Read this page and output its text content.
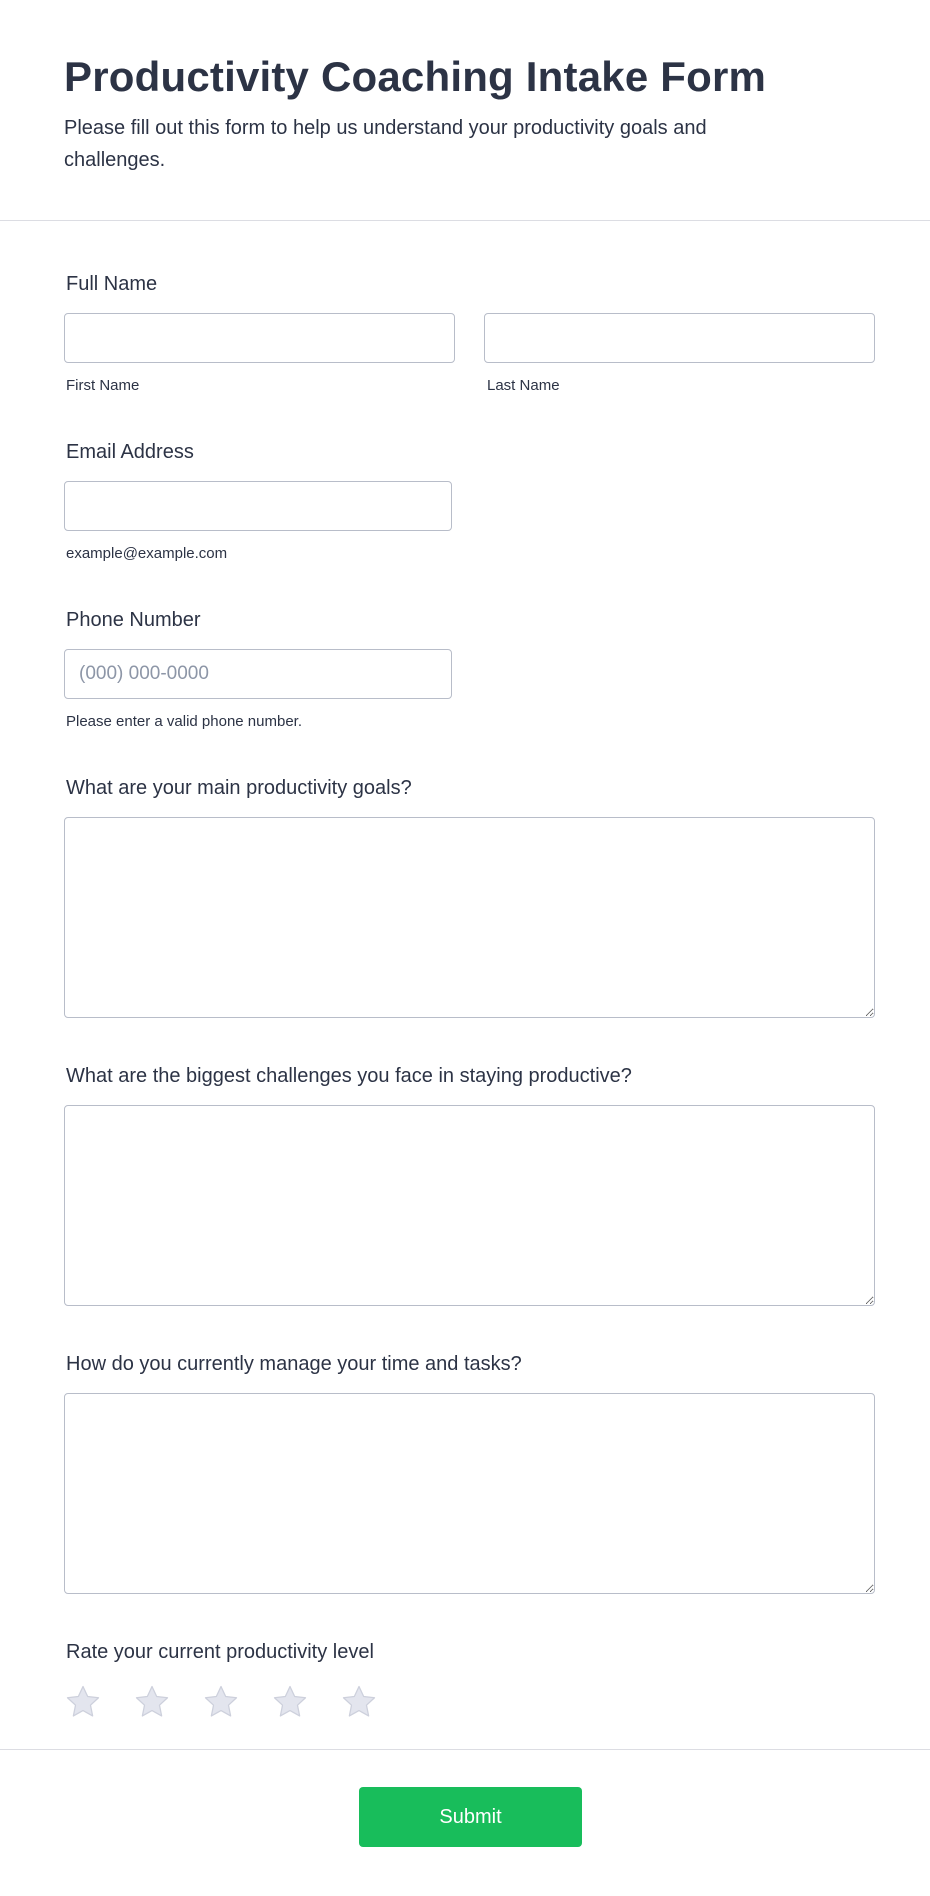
Productivity Coaching Intake Form

Please fill out this form to help us understand your productivity goals and challenges.

Full Name
First Name	Last Name
Email Address
example@example.com
Phone Number
(000) 000-0000
Please enter a valid phone number.
What are your main productivity goals?
What are the biggest challenges you face in staying productive?
How do you currently manage your time and tasks?
Rate your current productivity level
Submit
